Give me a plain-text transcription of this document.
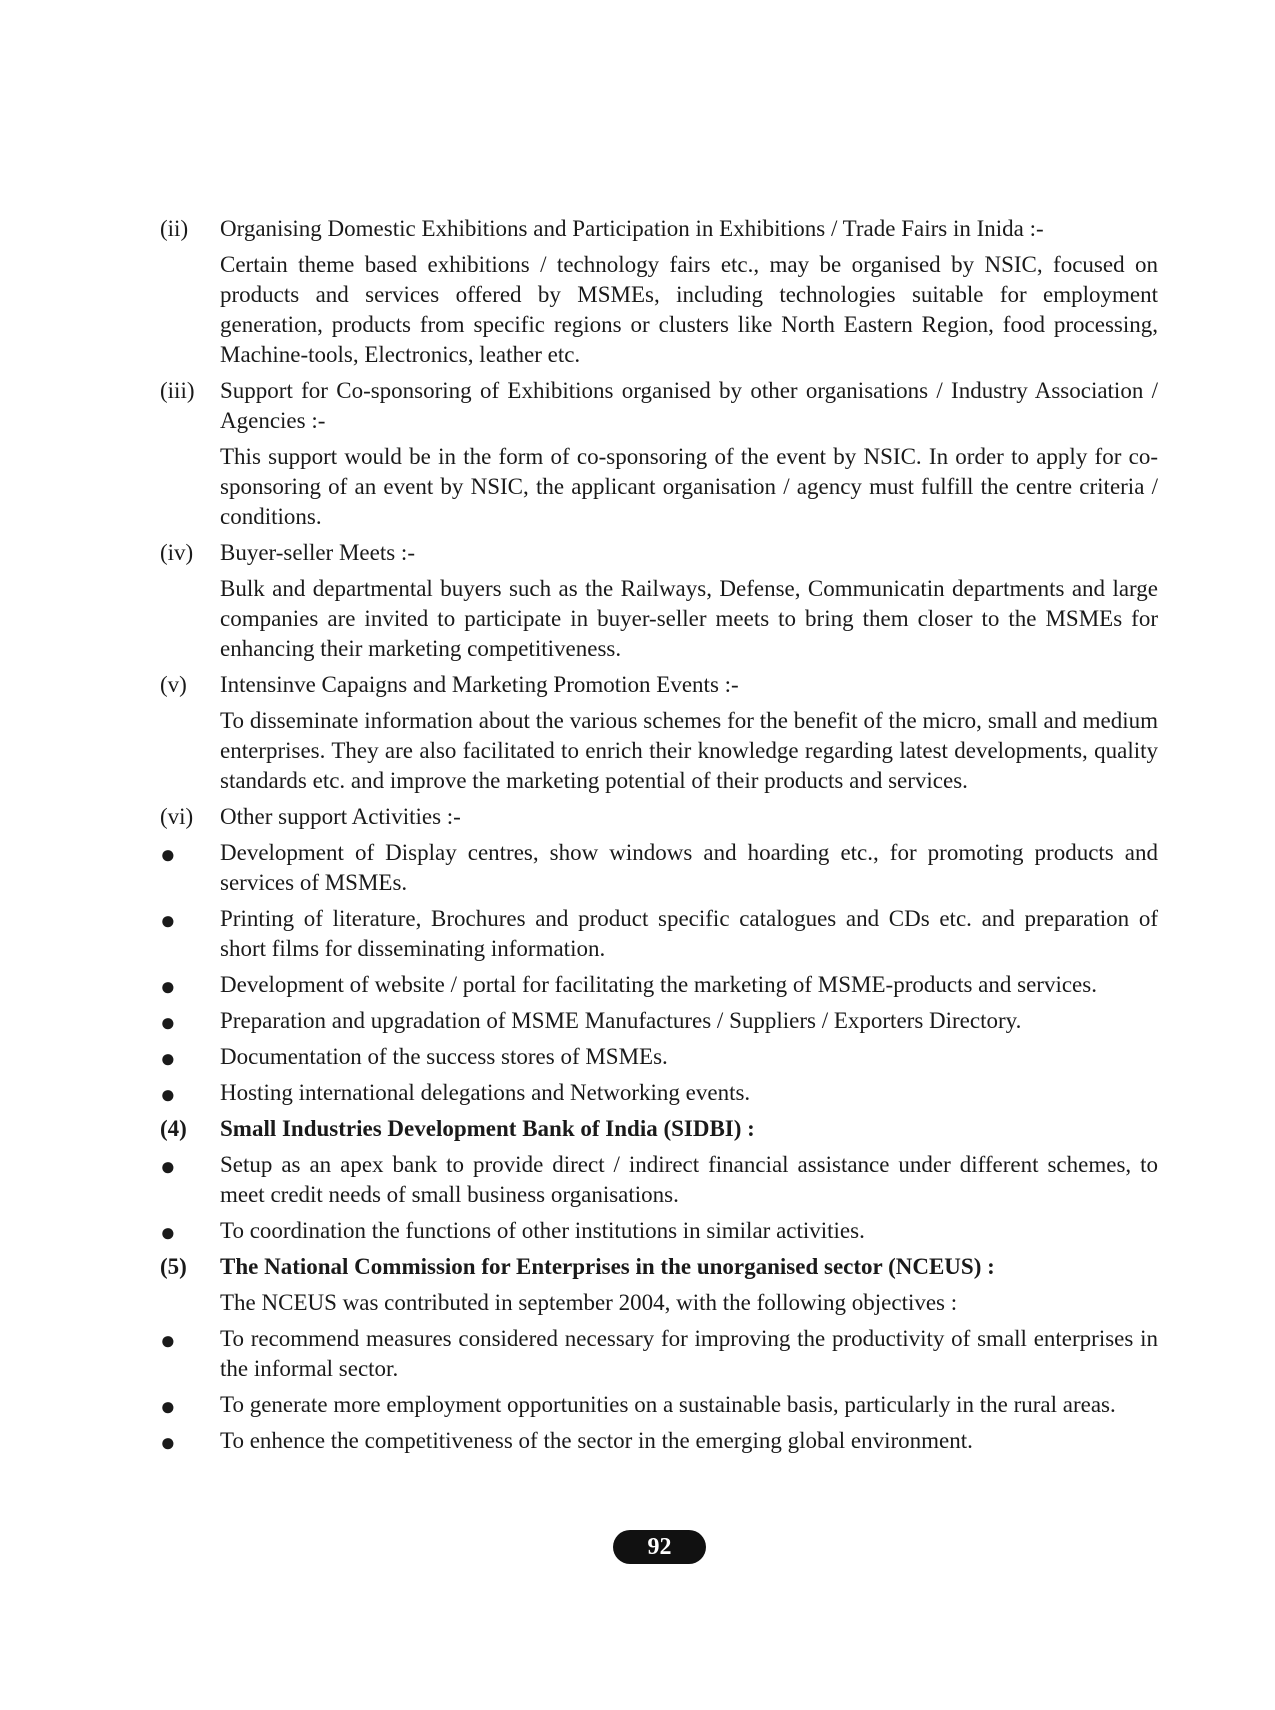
(ii) Organising Domestic Exhibitions and Participation in Exhibitions / Trade Fairs in Inida :-
Certain theme based exhibitions / technology fairs etc., may be organised by NSIC, focused on products and services offered by MSMEs, including technologies suitable for employment generation, products from specific regions or clusters like North Eastern Region, food processing, Machine-tools, Electronics, leather etc.
(iii) Support for Co-sponsoring of Exhibitions organised by other organisations / Industry Association / Agencies :-
This support would be in the form of co-sponsoring of the event by NSIC. In order to apply for co-sponsoring of an event by NSIC, the applicant organisation / agency must fulfill the centre criteria / conditions.
(iv) Buyer-seller Meets :-
Bulk and departmental buyers such as the Railways, Defense, Communicatin departments and large companies are invited to participate in buyer-seller meets to bring them closer to the MSMEs for enhancing their marketing competitiveness.
(v) Intensinve Capaigns and Marketing Promotion Events :-
To disseminate information about the various schemes for the benefit of the micro, small and medium enterprises. They are also facilitated to enrich their knowledge regarding latest developments, quality standards etc. and improve the marketing potential of their products and services.
(vi) Other support Activities :-
● Development of Display centres, show windows and hoarding etc., for promoting products and services of MSMEs.
● Printing of literature, Brochures and product specific catalogues and CDs etc. and preparation of short films for disseminating information.
● Development of website / portal for facilitating the marketing of MSME-products and services.
● Preparation and upgradation of MSME Manufactures / Suppliers / Exporters Directory.
● Documentation of the success stores of MSMEs.
● Hosting international delegations and Networking events.
(4) Small Industries Development Bank of India (SIDBI) :
● Setup as an apex bank to provide direct / indirect financial assistance under different schemes, to meet credit needs of small business organisations.
● To coordination the functions of other institutions in similar activities.
(5) The National Commission for Enterprises in the unorganised sector (NCEUS) :
The NCEUS was contributed in september 2004, with the following objectives :
● To recommend measures considered necessary for improving the productivity of small enterprises in the informal sector.
● To generate more employment opportunities on a sustainable basis, particularly in the rural areas.
● To enhence the competitiveness of the sector in the emerging global environment.
92
